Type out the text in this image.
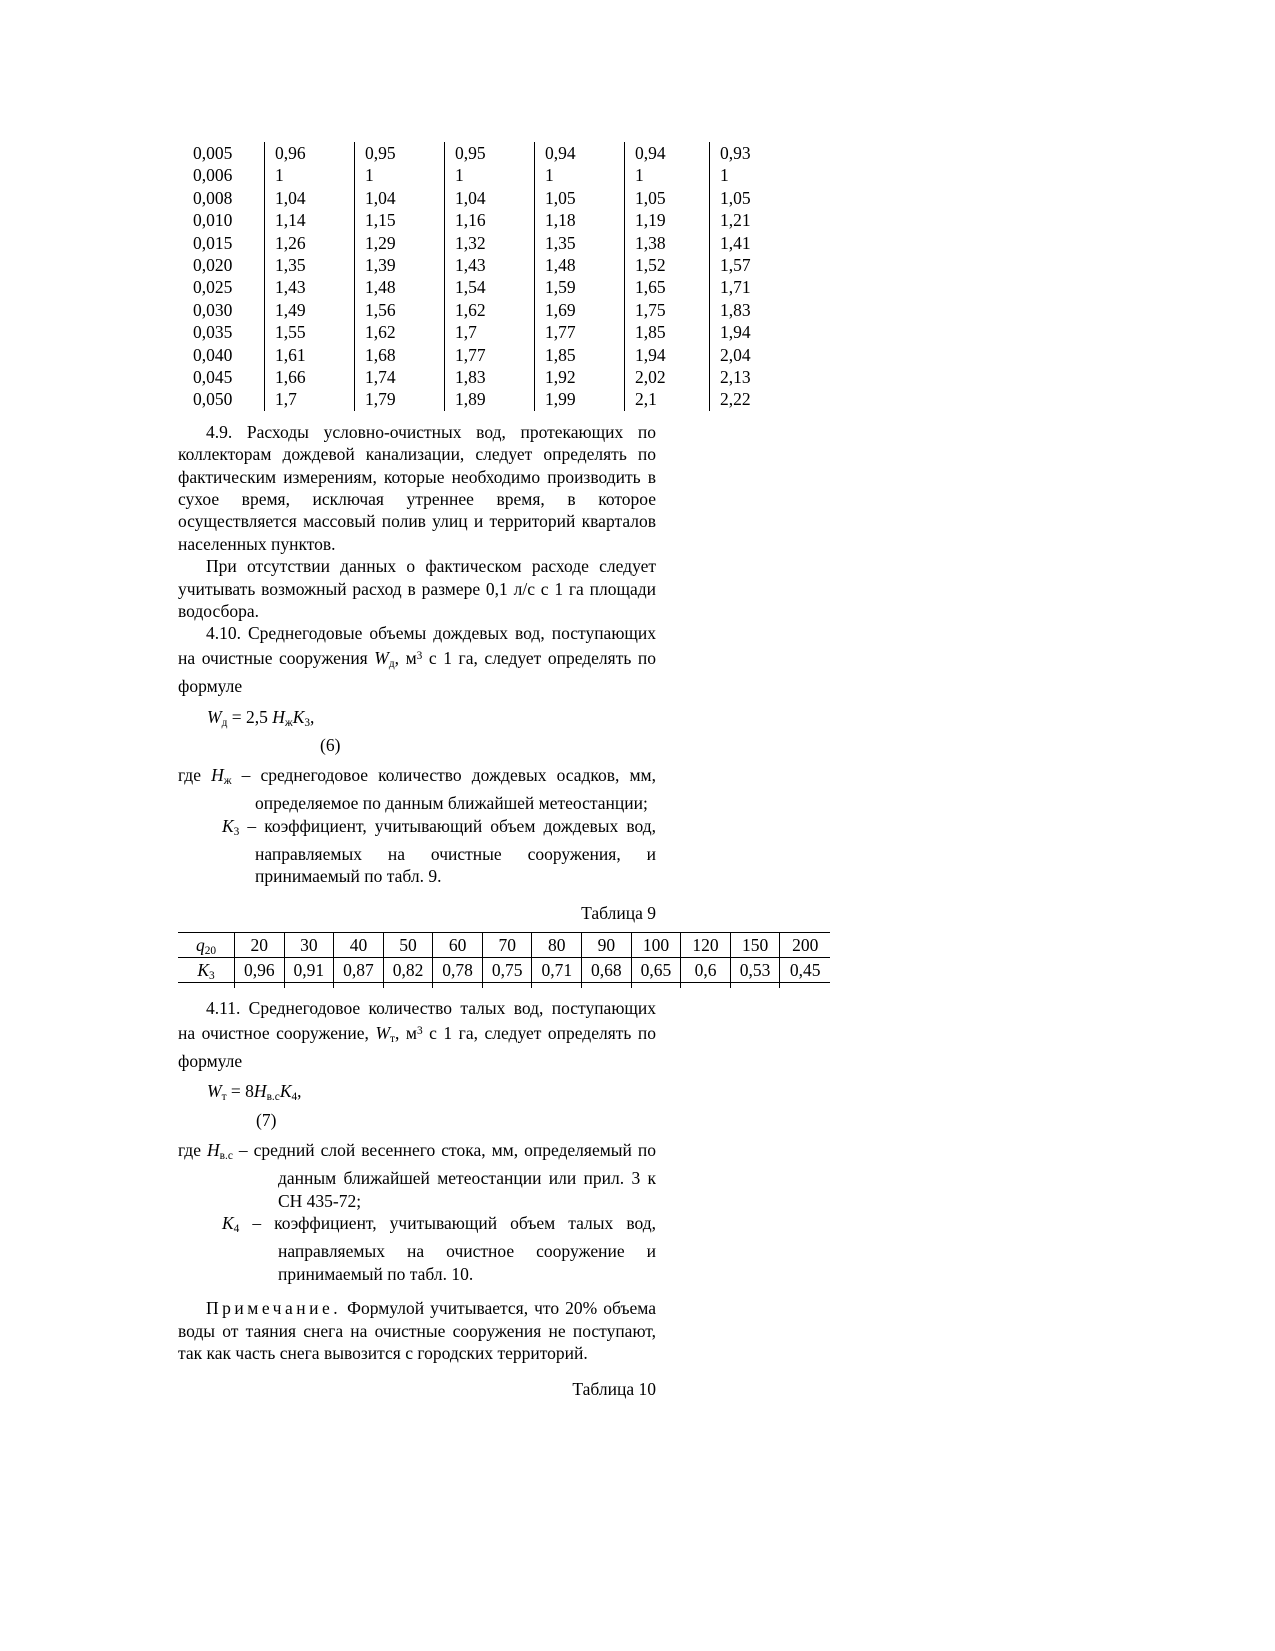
0,005	0,96	0,95	0,95	0,94	0,94	0,93
0,006	1	1	1	1	1	1
0,008	1,04	1,04	1,04	1,05	1,05	1,05
0,010	1,14	1,15	1,16	1,18	1,19	1,21
0,015	1,26	1,29	1,32	1,35	1,38	1,41
0,020	1,35	1,39	1,43	1,48	1,52	1,57
0,025	1,43	1,48	1,54	1,59	1,65	1,71
0,030	1,49	1,56	1,62	1,69	1,75	1,83
0,035	1,55	1,62	1,7	1,77	1,85	1,94
0,040	1,61	1,68	1,77	1,85	1,94	2,04
0,045	1,66	1,74	1,83	1,92	2,02	2,13
0,050	1,7	1,79	1,89	1,99	2,1	2,22

4.9. Расходы условно-очистных вод, протекающих по коллекторам дождевой канализации, следует определять по фактическим измерениям, которые необходимо производить в сухое время, исключая утреннее время, в которое осуществляется массовый полив улиц и территорий кварталов населенных пунктов.

При отсутствии данных о фактическом расходе следует учитывать возможный расход в размере 0,1 л/с с 1 га площади водосбора.

4.10. Среднегодовые объемы дождевых вод, поступающих на очистные сооружения Wд, $м^3$ с 1 га, следует определять по формуле

Wд = 2,5 НжК3,

(6)

где Нж – среднегодовое количество дождевых осадков, мм, определяемое по данным ближайшей метеостанции;

К3 – коэффициент, учитывающий объем дождевых вод, направляемых на очистные сооружения, и принимаемый по табл. 9.

Таблица 9

q20	20	30	40	50	60	70	80	90	100	120	150	200
К3	0,96	0,91	0,87	0,82	0,78	0,75	0,71	0,68	0,65	0,6	0,53	0,45

4.11. Среднегодовое количество талых вод, поступающих на очистное сооружение, Wт, $м^3$ с 1 га, следует определять по формуле

Wт = 8Нв.сК4,

(7)

где Нв.с – средний слой весеннего стока, мм, определяемый по данным ближайшей метеостанции или прил. 3 к СН 435-72;

К4 – коэффициент, учитывающий объем талых вод, направляемых на очистное сооружение и принимаемый по табл. 10.

Примечание. Формулой учитывается, что 20% объема воды от таяния снега на очистные сооружения не поступают, так как часть снега вывозится с городских территорий.

Таблица 10
